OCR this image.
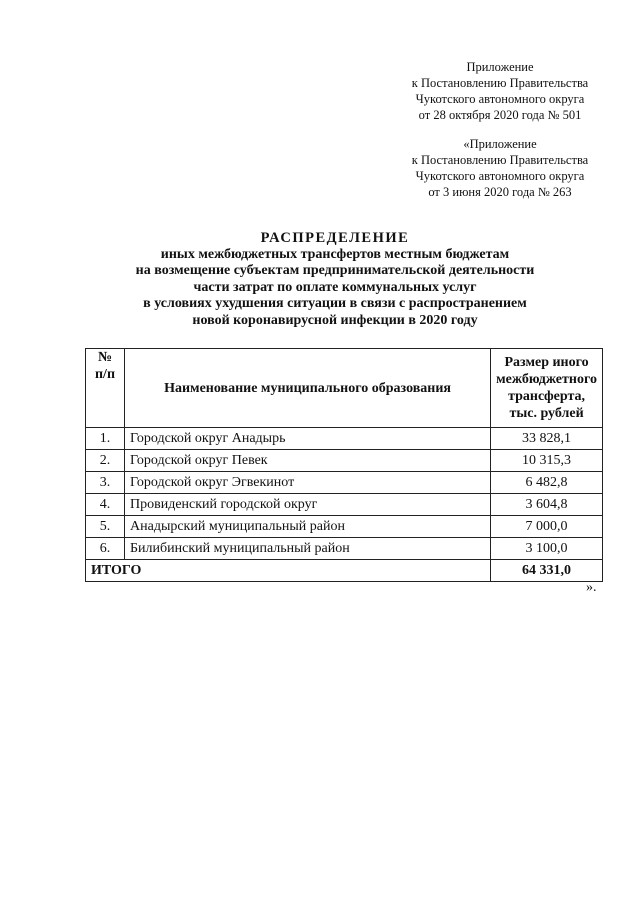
Приложение
к Постановлению Правительства
Чукотского автономного округа
от 28 октября 2020 года № 501
«Приложение
к Постановлению Правительства
Чукотского автономного округа
от 3 июня 2020 года № 263
РАСПРЕДЕЛЕНИЕ
иных межбюджетных трансфертов местным бюджетам
на возмещение субъектам предпринимательской деятельности
части затрат по оплате коммунальных услуг
в условиях ухудшения ситуации в связи с распространением
новой коронавирусной инфекции в 2020 году
№
п/п	Наименование муниципального образования	Размер иного межбюджетного трансферта, тыс. рублей
1.	Городской округ Анадырь	33 828,1
2.	Городской округ Певек	10 315,3
3.	Городской округ Эгвекинот	6 482,8
4.	Провиденский городской округ	3 604,8
5.	Анадырский муниципальный район	7 000,0
6.	Билибинский муниципальный район	3 100,0
ИТОГО		64 331,0
».
